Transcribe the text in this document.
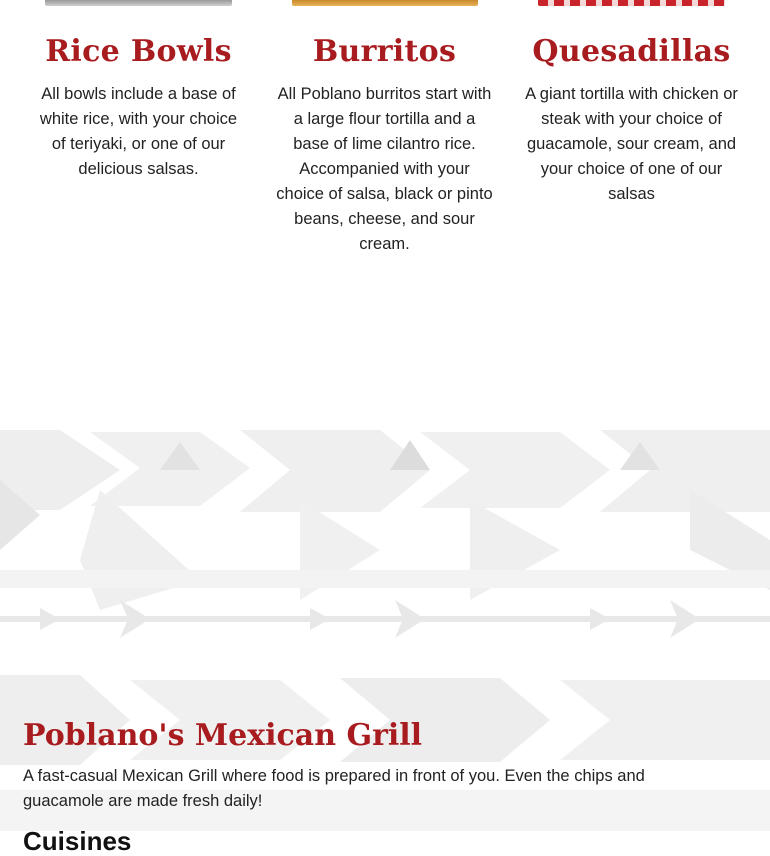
Rice Bowls

All bowls include a base of white rice, with your choice of teriyaki, or one of our delicious salsas.

Burritos

All Poblano burritos start with a large flour tortilla and a base of lime cilantro rice. Accompanied with your choice of salsa, black or pinto beans, cheese, and sour cream.

Quesadillas

A giant tortilla with chicken or steak with your choice of guacamole, sour cream, and your choice of one of our salsas

Poblano's Mexican Grill

A fast-casual Mexican Grill where food is prepared in front of you. Even the chips and guacamole are made fresh daily!

Cuisines
